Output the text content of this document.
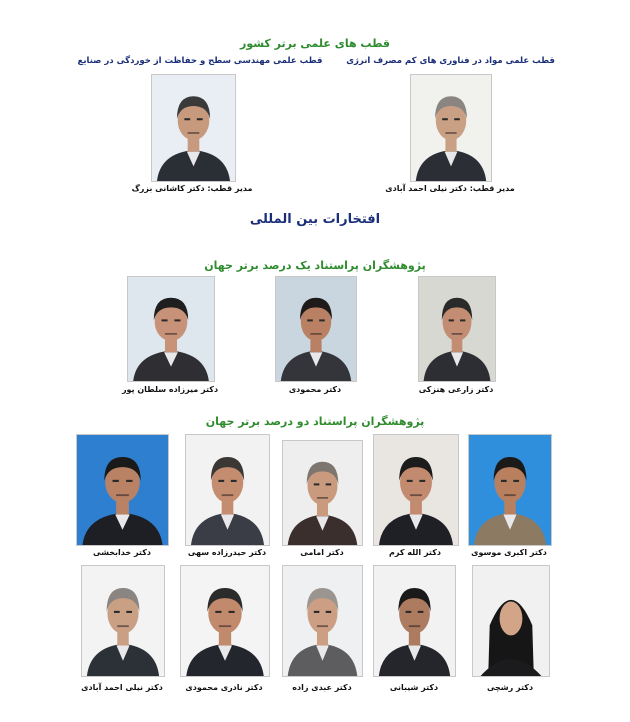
قطب های علمی برتر کشور
قطب علمی مهندسی سطح و حفاظت از خوردگی در صنایع	قطب علمی مواد در فناوری های کم مصرف انرژی
مدیر قطب: دکتر کاشانی بزرگ	مدیر قطب: دکتر نیلی احمد آبادی
افتخارات بین المللی
پژوهشگران پراستناد یک درصد برتر جهان
دکتر میرزاده سلطان پور	دکتر محمودی	دکتر زارعی هنزکی
پژوهشگران پراستناد دو درصد برتر جهان
دکتر خدابخشی	دکتر حیدرزاده سهی	دکتر امامی	دکتر الله کرم	دکتر اکبری موسوی
دکتر نیلی احمد آبادی	دکتر نادری محمودی	دکتر عبدی زاده	دکتر شیبانی	دکتر رشچی
